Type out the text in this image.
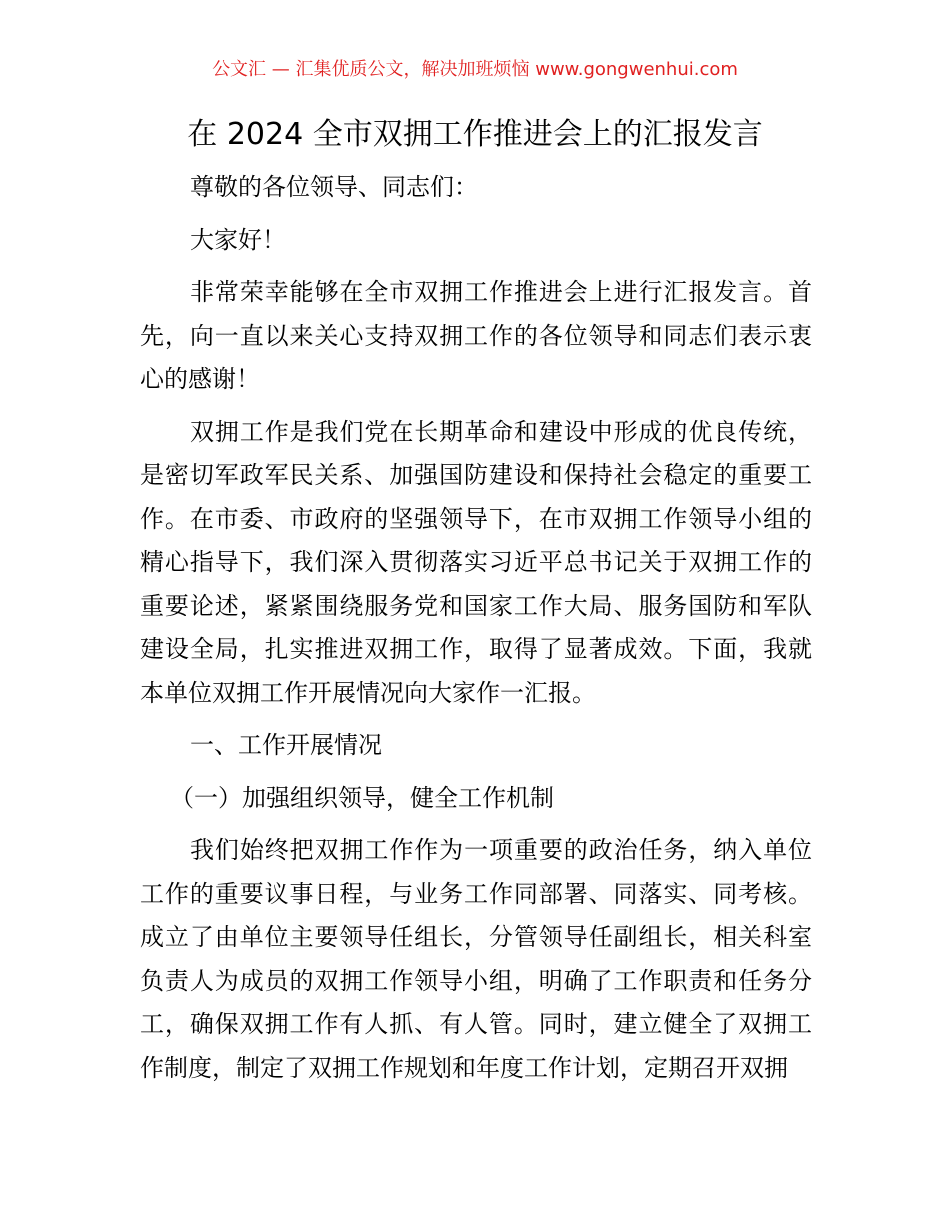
公文汇 — 汇集优质公文，解决加班烦恼 www.gongwenhui.com
在 2024 全市双拥工作推进会上的汇报发言
尊敬的各位领导、同志们：
大家好！
非常荣幸能够在全市双拥工作推进会上进行汇报发言。首
先，向一直以来关心支持双拥工作的各位领导和同志们表示衷
心的感谢！
双拥工作是我们党在长期革命和建设中形成的优良传统，
是密切军政军民关系、加强国防建设和保持社会稳定的重要工
作。在市委、市政府的坚强领导下，在市双拥工作领导小组的
精心指导下，我们深入贯彻落实习近平总书记关于双拥工作的
重要论述，紧紧围绕服务党和国家工作大局、服务国防和军队
建设全局，扎实推进双拥工作，取得了显著成效。下面，我就
本单位双拥工作开展情况向大家作一汇报。
一、工作开展情况
（一）加强组织领导，健全工作机制
我们始终把双拥工作作为一项重要的政治任务，纳入单位
工作的重要议事日程，与业务工作同部署、同落实、同考核。
成立了由单位主要领导任组长，分管领导任副组长，相关科室
负责人为成员的双拥工作领导小组，明确了工作职责和任务分
工，确保双拥工作有人抓、有人管。同时，建立健全了双拥工
作制度，制定了双拥工作规划和年度工作计划，定期召开双拥
